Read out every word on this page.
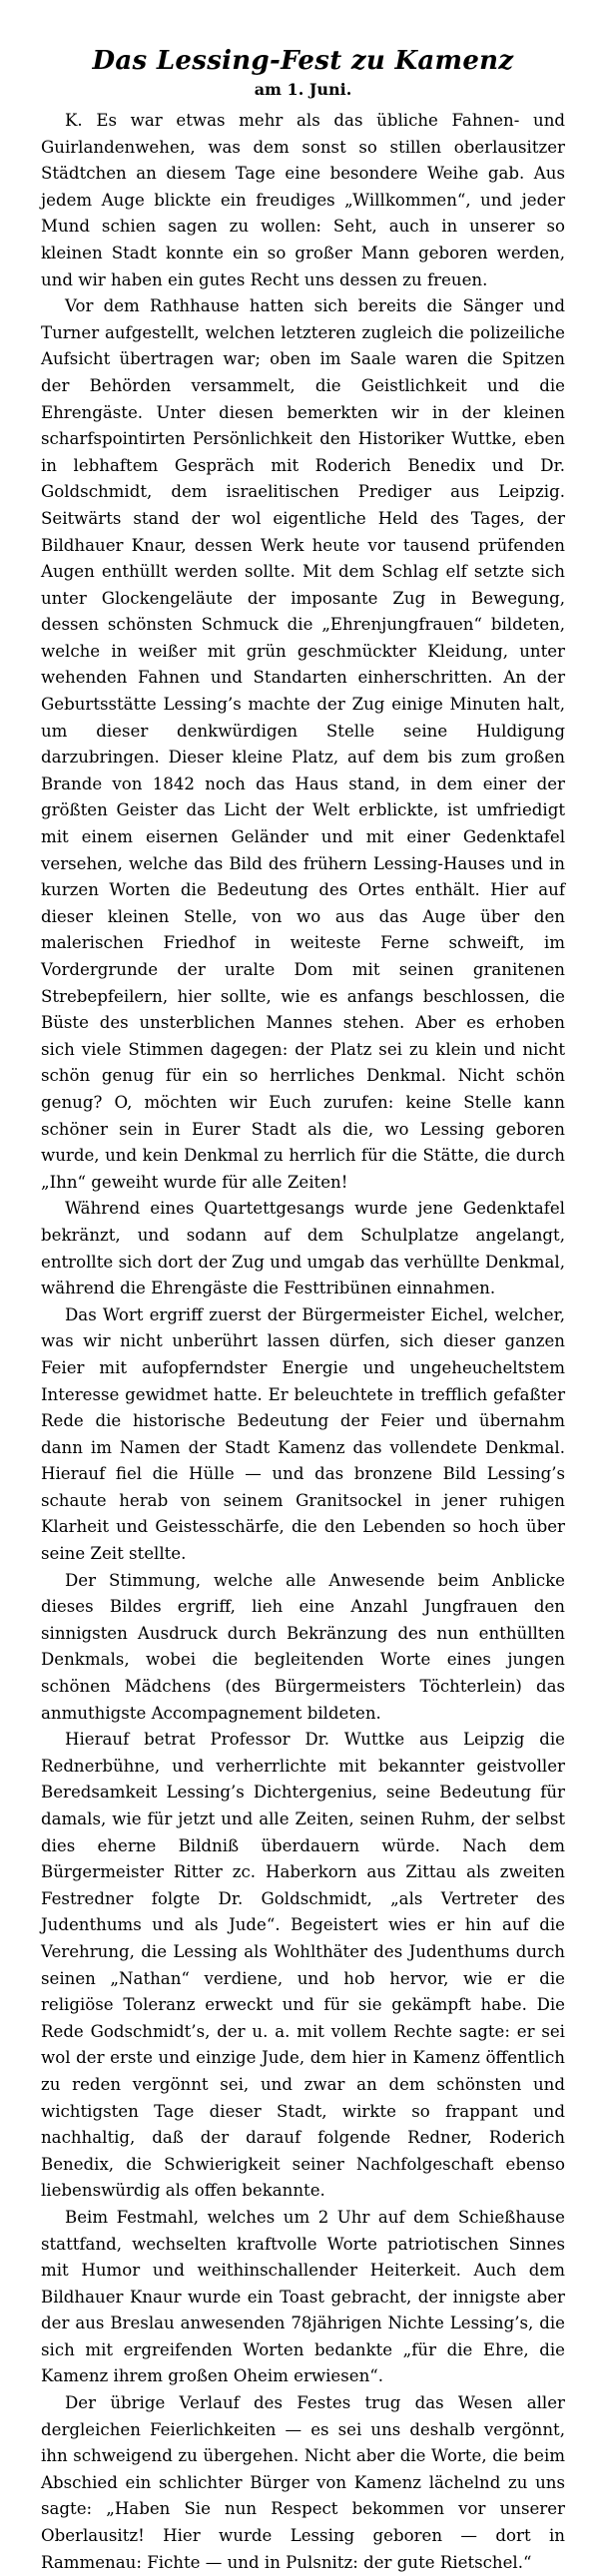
Das Lessing-Fest zu Kamenz
am 1. Juni.

K. Es war etwas mehr als das übliche Fahnen- und Guirlandenwehen, was dem sonst so stillen oberlausitzer Städtchen an diesem Tage eine besondere Weihe gab. Aus jedem Auge blickte ein freudiges „Willkommen“, und jeder Mund schien sagen zu wollen: Seht, auch in unserer so kleinen Stadt konnte ein so großer Mann geboren werden, und wir haben ein gutes Recht uns dessen zu freuen.

Vor dem Rathhause hatten sich bereits die Sänger und Turner aufgestellt, welchen letzteren zugleich die polizeiliche Aufsicht übertragen war; oben im Saale waren die Spitzen der Behörden versammelt, die Geistlichkeit und die Ehrengäste. Unter diesen bemerkten wir in der kleinen scharfspointirten Persönlichkeit den Historiker Wuttke, eben in lebhaftem Gespräch mit Roderich Benedix und Dr. Goldschmidt, dem israelitischen Prediger aus Leipzig. Seitwärts stand der wol eigentliche Held des Tages, der Bildhauer Knaur, dessen Werk heute vor tausend prüfenden Augen enthüllt werden sollte. Mit dem Schlag elf setzte sich unter Glockengeläute der imposante Zug in Bewegung, dessen schönsten Schmuck die „Ehrenjungfrauen“ bildeten, welche in weißer mit grün geschmückter Kleidung, unter wehenden Fahnen und Standarten einherschritten. An der Geburtsstätte Lessing’s machte der Zug einige Minuten halt, um dieser denkwürdigen Stelle seine Huldigung darzubringen. Dieser kleine Platz, auf dem bis zum großen Brande von 1842 noch das Haus stand, in dem einer der größten Geister das Licht der Welt erblickte, ist umfriedigt mit einem eisernen Geländer und mit einer Gedenktafel versehen, welche das Bild des frühern Lessing-Hauses und in kurzen Worten die Bedeutung des Ortes enthält. Hier auf dieser kleinen Stelle, von wo aus das Auge über den malerischen Friedhof in weiteste Ferne schweift, im Vordergrunde der uralte Dom mit seinen granitenen Strebepfeilern, hier sollte, wie es anfangs beschlossen, die Büste des unsterblichen Mannes stehen. Aber es erhoben sich viele Stimmen dagegen: der Platz sei zu klein und nicht schön genug für ein so herrliches Denkmal. Nicht schön genug? O, möchten wir Euch zurufen: keine Stelle kann schöner sein in Eurer Stadt als die, wo Lessing geboren wurde, und kein Denkmal zu herrlich für die Stätte, die durch „Ihn“ geweiht wurde für alle Zeiten!

Während eines Quartettgesangs wurde jene Gedenktafel bekränzt, und sodann auf dem Schulplatze angelangt, entrollte sich dort der Zug und umgab das verhüllte Denkmal, während die Ehrengäste die Festtribünen einnahmen.

Das Wort ergriff zuerst der Bürgermeister Eichel, welcher, was wir nicht unberührt lassen dürfen, sich dieser ganzen Feier mit aufopferndster Energie und ungeheucheltstem Interesse gewidmet hatte. Er beleuchtete in trefflich gefaßter Rede die historische Bedeutung der Feier und übernahm dann im Namen der Stadt Kamenz das vollendete Denkmal. Hierauf fiel die Hülle — und das bronzene Bild Lessing’s schaute herab von seinem Granitsockel in jener ruhigen Klarheit und Geistesschärfe, die den Lebenden so hoch über seine Zeit stellte.

Der Stimmung, welche alle Anwesende beim Anblicke dieses Bildes ergriff, lieh eine Anzahl Jungfrauen den sinnigsten Ausdruck durch Bekränzung des nun enthüllten Denkmals, wobei die begleitenden Worte eines jungen schönen Mädchens (des Bürgermeisters Töchterlein) das anmuthigste Accompagnement bildeten.

Hierauf betrat Professor Dr. Wuttke aus Leipzig die Rednerbühne, und verherrlichte mit bekannter geistvoller Beredsamkeit Lessing’s Dichtergenius, seine Bedeutung für damals, wie für jetzt und alle Zeiten, seinen Ruhm, der selbst dies eherne Bildniß überdauern würde. Nach dem Bürgermeister Ritter zc. Haberkorn aus Zittau als zweiten Festredner folgte Dr. Goldschmidt, „als Vertreter des Judenthums und als Jude“. Begeistert wies er hin auf die Verehrung, die Lessing als Wohlthäter des Judenthums durch seinen „Nathan“ verdiene, und hob hervor, wie er die religiöse Toleranz erweckt und für sie gekämpft habe. Die Rede Godschmidt’s, der u. a. mit vollem Rechte sagte: er sei wol der erste und einzige Jude, dem hier in Kamenz öffentlich zu reden vergönnt sei, und zwar an dem schönsten und wichtigsten Tage dieser Stadt, wirkte so frappant und nachhaltig, daß der darauf folgende Redner, Roderich Benedix, die Schwierigkeit seiner Nachfolgeschaft ebenso liebenswürdig als offen bekannte.

Beim Festmahl, welches um 2 Uhr auf dem Schießhause stattfand, wechselten kraftvolle Worte patriotischen Sinnes mit Humor und weithinschallender Heiterkeit. Auch dem Bildhauer Knaur wurde ein Toast gebracht, der innigste aber der aus Breslau anwesenden 78jährigen Nichte Lessing’s, die sich mit ergreifenden Worten bedankte „für die Ehre, die Kamenz ihrem großen Oheim erwiesen“.

Der übrige Verlauf des Festes trug das Wesen aller dergleichen Feierlichkeiten — es sei uns deshalb vergönnt, ihn schweigend zu übergehen. Nicht aber die Worte, die beim Abschied ein schlichter Bürger von Kamenz lächelnd zu uns sagte: „Haben Sie nun Respect bekommen vor unserer Oberlausitz! Hier wurde Lessing geboren — dort in Rammenau: Fichte — und in Pulsnitz: der gute Rietschel.“
